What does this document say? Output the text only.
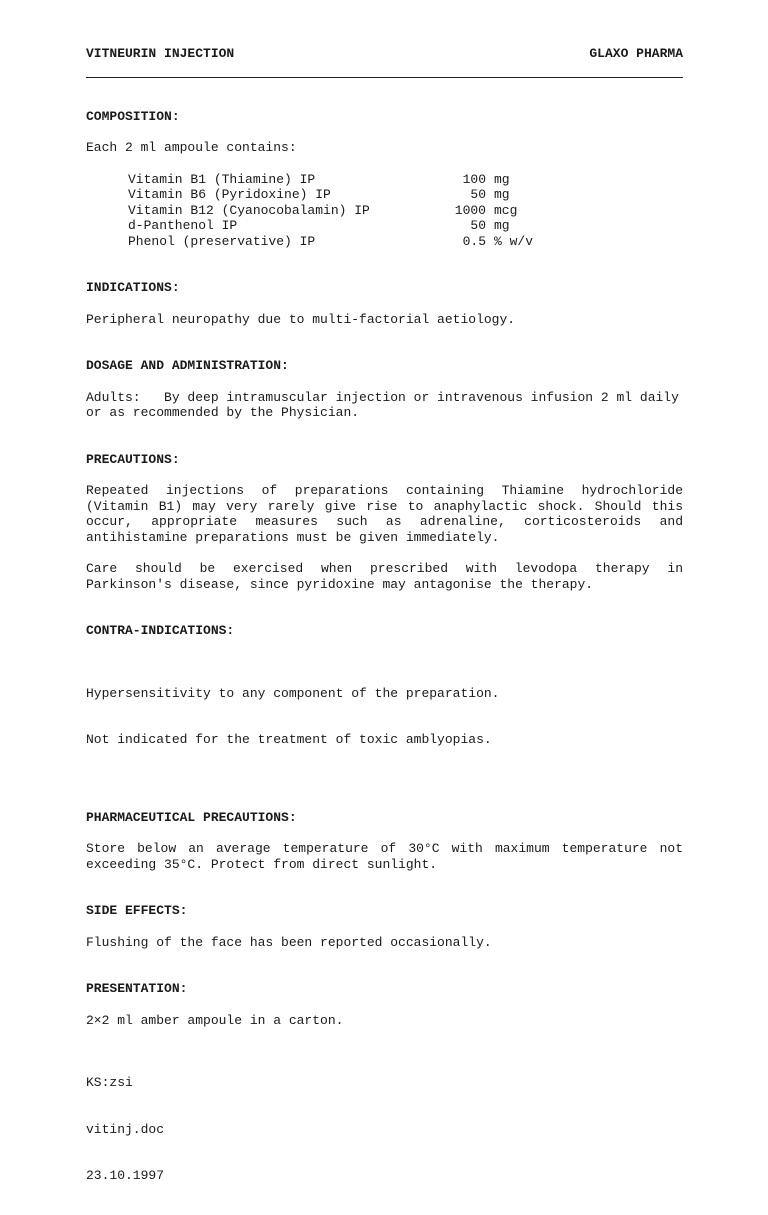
VITNEURIN INJECTION	GLAXO PHARMA
COMPOSITION:
Each 2 ml ampoule contains:
Vitamin B1 (Thiamine) IP	100 mg
Vitamin B6 (Pyridoxine) IP	50 mg
Vitamin B12 (Cyanocobalamin) IP	1000 mcg
d-Panthenol IP	50 mg
Phenol (preservative) IP	0.5 % w/v
INDICATIONS:
Peripheral neuropathy due to multi-factorial aetiology.
DOSAGE AND ADMINISTRATION:
Adults:   By deep intramuscular injection or intravenous infusion 2 ml daily or as recommended by the Physician.
PRECAUTIONS:
Repeated injections of preparations containing Thiamine hydrochloride (Vitamin B1) may very rarely give rise to anaphylactic shock. Should this occur, appropriate measures such as adrenaline, corticosteroids and antihistamine preparations must be given immediately.
Care should be exercised when prescribed with levodopa therapy in Parkinson's disease, since pyridoxine may antagonise the therapy.
CONTRA-INDICATIONS:

Hypersensitivity to any component of the preparation.

Not indicated for the treatment of toxic amblyopias.

PHARMACEUTICAL PRECAUTIONS:
Store below an average temperature of 30°C with maximum temperature not exceeding 35°C. Protect from direct sunlight.
SIDE EFFECTS:
Flushing of the face has been reported occasionally.
PRESENTATION:
2×2 ml amber ampoule in a carton.

KS:zsi

vitinj.doc

23.10.1997
